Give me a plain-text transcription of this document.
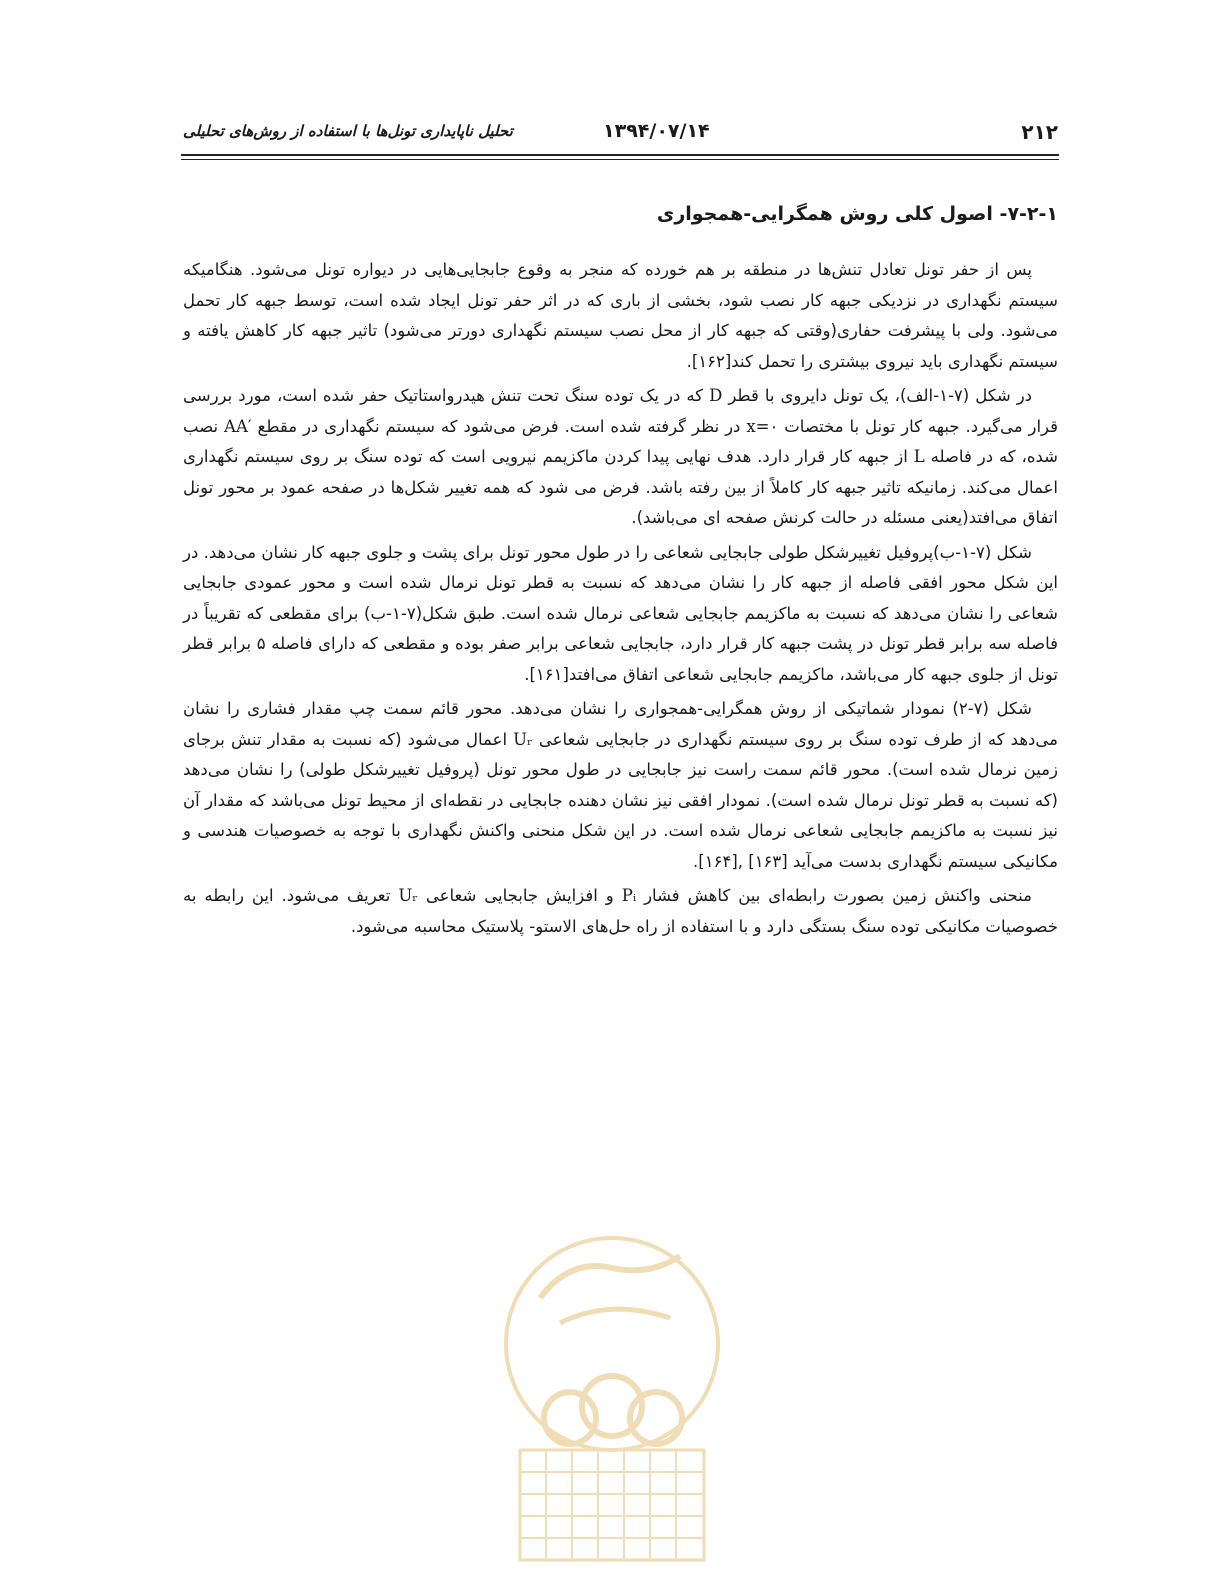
۲۱۲
۱۳۹۴/۰۷/۱۴
تحلیل ناپایداری تونل‌ها با استفاده از روش‌های تحلیلی
۷-۲-۱- اصول کلی روش همگرایی-همجواری

پس از حفر تونل تعادل تنش‌ها در منطقه بر هم خورده که منجر به وقوع جابجایی‌هایی در دیواره تونل می‌شود. هنگامیکه سیستم نگهداری در نزدیکی جبهه کار نصب شود، بخشی از باری که در اثر حفر تونل ایجاد شده است، توسط جبهه کار تحمل می‌شود. ولی با پیشرفت حفاری(وقتی که جبهه کار از محل نصب سیستم نگهداری دورتر می‌شود) تاثیر جبهه کار کاهش یافته و سیستم نگهداری باید نیروی بیشتری را تحمل کند[۱۶۲].

در شکل (۷-۱-الف)، یک تونل دایروی با قطر D که در یک توده سنگ تحت تنش هیدرواستاتیک حفر شده است، مورد بررسی قرار می‌گیرد. جبهه کار تونل با مختصات x=۰ در نظر گرفته شده است. فرض می‌شود که سیستم نگهداری در مقطع AA′ نصب شده، که در فاصله L از جبهه کار قرار دارد. هدف نهایی پیدا کردن ماکزیمم نیرویی است که توده سنگ بر روی سیستم نگهداری اعمال می‌کند. زمانیکه تاثیر جبهه کار کاملاً از بین رفته باشد. فرض می شود که همه تغییر شکل‌ها در صفحه عمود بر محور تونل اتفاق می‌افتد(یعنی مسئله در حالت کرنش صفحه ای می‌باشد).

شکل (۷-۱-ب)پروفیل تغییرشکل طولی جابجایی شعاعی را در طول محور تونل برای پشت و جلوی جبهه کار نشان می‌دهد. در این شکل محور افقی فاصله از جبهه کار را نشان می‌دهد که نسبت به قطر تونل نرمال شده است و محور عمودی جابجایی شعاعی را نشان می‌دهد که نسبت به ماکزیمم جابجایی شعاعی نرمال شده است. طبق شکل(۷-۱-ب) برای مقطعی که تقریباً در فاصله سه برابر قطر تونل در پشت جبهه کار قرار دارد، جابجایی شعاعی برابر صفر بوده و مقطعی که دارای فاصله ۵ برابر قطر تونل از جلوی جبهه کار می‌باشد، ماکزیمم جابجایی شعاعی اتفاق می‌افتد[۱۶۱].

شکل (۷-۲) نمودار شماتیکی از روش همگرایی-همجواری را نشان می‌دهد. محور قائم سمت چپ مقدار فشاری را نشان می‌دهد که از طرف توده سنگ بر روی سیستم نگهداری در جابجایی شعاعی Uᵣ اعمال می‌شود (که نسبت به مقدار تنش برجای زمین نرمال شده است). محور قائم سمت راست نیز جابجایی در طول محور تونل (پروفیل تغییرشکل طولی) را نشان می‌دهد (که نسبت به قطر تونل نرمال شده است). نمودار افقی نیز نشان دهنده جابجایی در نقطه‌ای از محیط تونل می‌باشد که مقدار آن نیز نسبت به ماکزیمم جابجایی شعاعی نرمال شده است. در این شکل منحنی واکنش نگهداری با توجه به خصوصیات هندسی و مکانیکی سیستم نگهداری بدست می‌آید [۱۶۳] ,[۱۶۴].

منحنی واکنش زمین بصورت رابطه‌ای بین کاهش فشار Pᵢ و افزایش جابجایی شعاعی Uᵣ تعریف می‌شود. این رابطه به خصوصیات مکانیکی توده سنگ بستگی دارد و با استفاده از راه حل‌های الاستو- پلاستیک محاسبه می‌شود.
